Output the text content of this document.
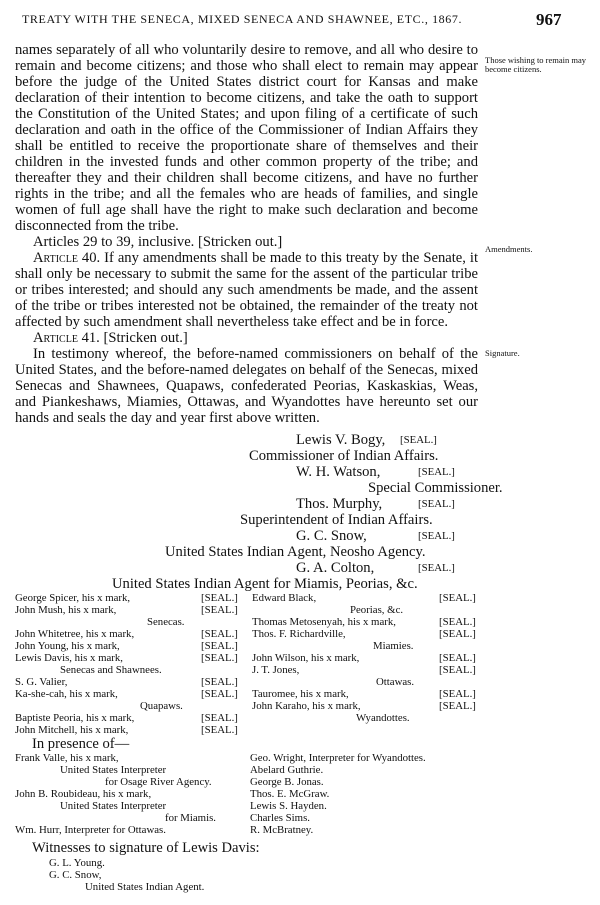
TREATY WITH THE SENECA, MIXED SENECA AND SHAWNEE, ETC., 1867.	967
Those wishing to remain may become citizens.
Amendments.
Signature.

names separately of all who voluntarily desire to remove, and all who desire to remain and become citizens; and those who shall elect to remain may appear before the judge of the United States district court for Kansas and make declaration of their intention to become citizens, and take the oath to support the Constitution of the United States; and upon filing of a certificate of such declaration and oath in the office of the Commissioner of Indian Affairs they shall be entitled to receive the proportionate share of themselves and their children in the invested funds and other common property of the tribe; and thereafter they and their children shall become citizens, and have no further rights in the tribe; and all the females who are heads of families, and single women of full age shall have the right to make such declaration and become disconnected from the tribe.

Articles 29 to 39, inclusive. [Stricken out.]

Article 40. If any amendments shall be made to this treaty by the Senate, it shall only be necessary to submit the same for the assent of the particular tribe or tribes interested; and should any such amendments be made, and the assent of the tribe or tribes interested not be obtained, the remainder of the treaty not affected by such amendment shall nevertheless take effect and be in force.

Article 41. [Stricken out.]

In testimony whereof, the before-named commissioners on behalf of the United States, and the before-named delegates on behalf of the Senecas, mixed Senecas and Shawnees, Quapaws, confederated Peorias, Kaskaskias, Weas, and Piankeshaws, Miamies, Ottawas, and Wyandottes have hereunto set our hands and seals the day and year first above written.

Lewis V. Bogy, [SEAL.]
Commissioner of Indian Affairs.
W. H. Watson,	[SEAL.]
Special Commissioner.
Thos. Murphy,	[SEAL.]
Superintendent of Indian Affairs.
G. C. Snow,	[SEAL.]
United States Indian Agent, Neosho Agency.
G. A. Colton,	[SEAL.]
United States Indian Agent for Miamis, Peorias, &c.
George Spicer, his x mark,	[SEAL.]
John Mush, his x mark,	[SEAL.]
Senecas.
John Whitetree, his x mark,	[SEAL.]
John Young, his x mark,	[SEAL.]
Lewis Davis, his x mark,	[SEAL.]
Senecas and Shawnees.
S. G. Valier,	[SEAL.]
Ka-she-cah, his x mark,	[SEAL.]
Quapaws.
Baptiste Peoria, his x mark,	[SEAL.]
John Mitchell, his x mark,	[SEAL.]
Edward Black,	[SEAL.]
Peorias, &c.
Thomas Metosenyah, his x mark,	[SEAL.]
Thos. F. Richardville,	[SEAL.]
Miamies.
John Wilson, his x mark,	[SEAL.]
J. T. Jones,	[SEAL.]
Ottawas.
Tauromee, his x mark,	[SEAL.]
John Karaho, his x mark,	[SEAL.]
Wyandottes.
In presence of—
Frank Valle, his x mark,
United States Interpreter
for Osage River Agency.
John B. Roubideau, his x mark,
United States Interpreter
for Miamis.
Wm. Hurr, Interpreter for Ottawas.
Geo. Wright, Interpreter for Wyandottes.
Abelard Guthrie.
George B. Jonas.
Thos. E. McGraw.
Lewis S. Hayden.
Charles Sims.
R. McBratney.
Witnesses to signature of Lewis Davis:
G. L. Young.
G. C. Snow,
United States Indian Agent.
